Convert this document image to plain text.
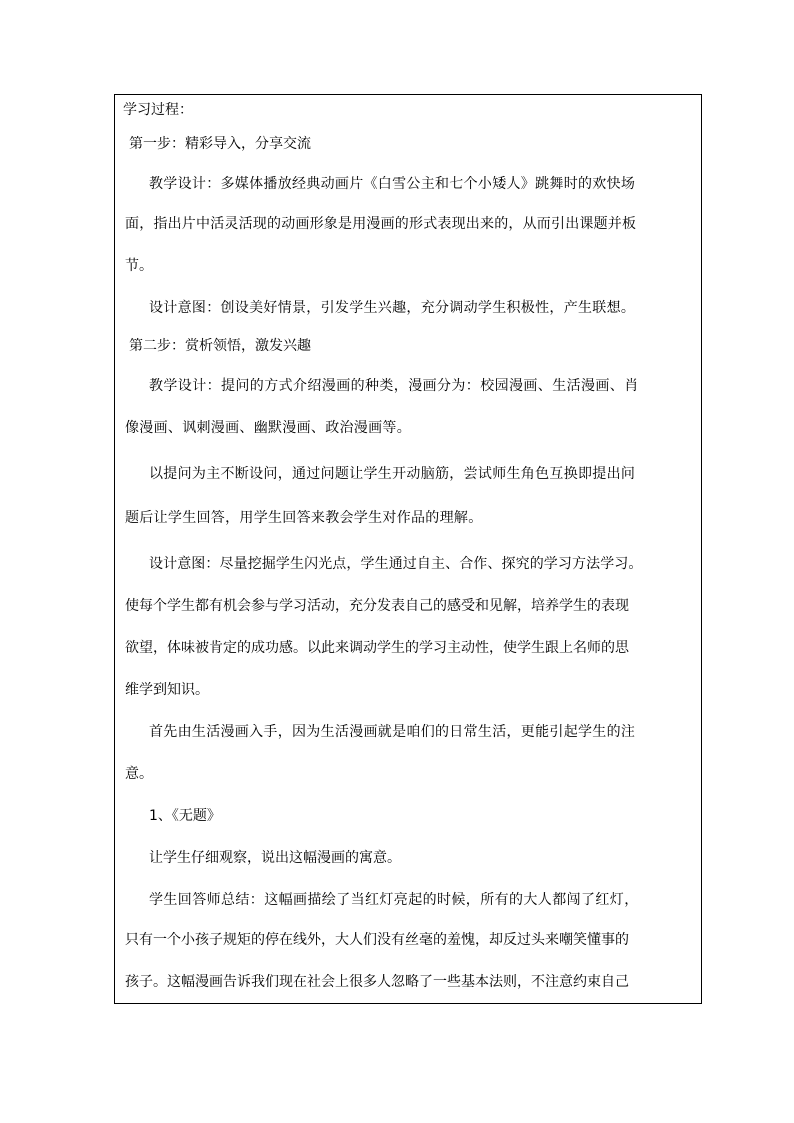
学习过程：
第一步：精彩导入，分享交流
教学设计：多媒体播放经典动画片《白雪公主和七个小矮人》跳舞时的欢快场
面，指出片中活灵活现的动画形象是用漫画的形式表现出来的，从而引出课题并板
节。
设计意图：创设美好情景，引发学生兴趣，充分调动学生积极性，产生联想。
第二步：赏析领悟，激发兴趣
教学设计：提问的方式介绍漫画的种类，漫画分为：校园漫画、生活漫画、肖
像漫画、讽刺漫画、幽默漫画、政治漫画等。
以提问为主不断设问，通过问题让学生开动脑筋，尝试师生角色互换即提出问
题后让学生回答，用学生回答来教会学生对作品的理解。
设计意图：尽量挖掘学生闪光点，学生通过自主、合作、探究的学习方法学习。
使每个学生都有机会参与学习活动，充分发表自己的感受和见解，培养学生的表现
欲望，体味被肯定的成功感。以此来调动学生的学习主动性，使学生跟上名师的思
维学到知识。
首先由生活漫画入手，因为生活漫画就是咱们的日常生活，更能引起学生的注
意。
1、《无题》
让学生仔细观察，说出这幅漫画的寓意。
学生回答师总结：这幅画描绘了当红灯亮起的时候，所有的大人都闯了红灯，
只有一个小孩子规矩的停在线外，大人们没有丝毫的羞愧，却反过头来嘲笑懂事的
孩子。这幅漫画告诉我们现在社会上很多人忽略了一些基本法则，不注意约束自己
